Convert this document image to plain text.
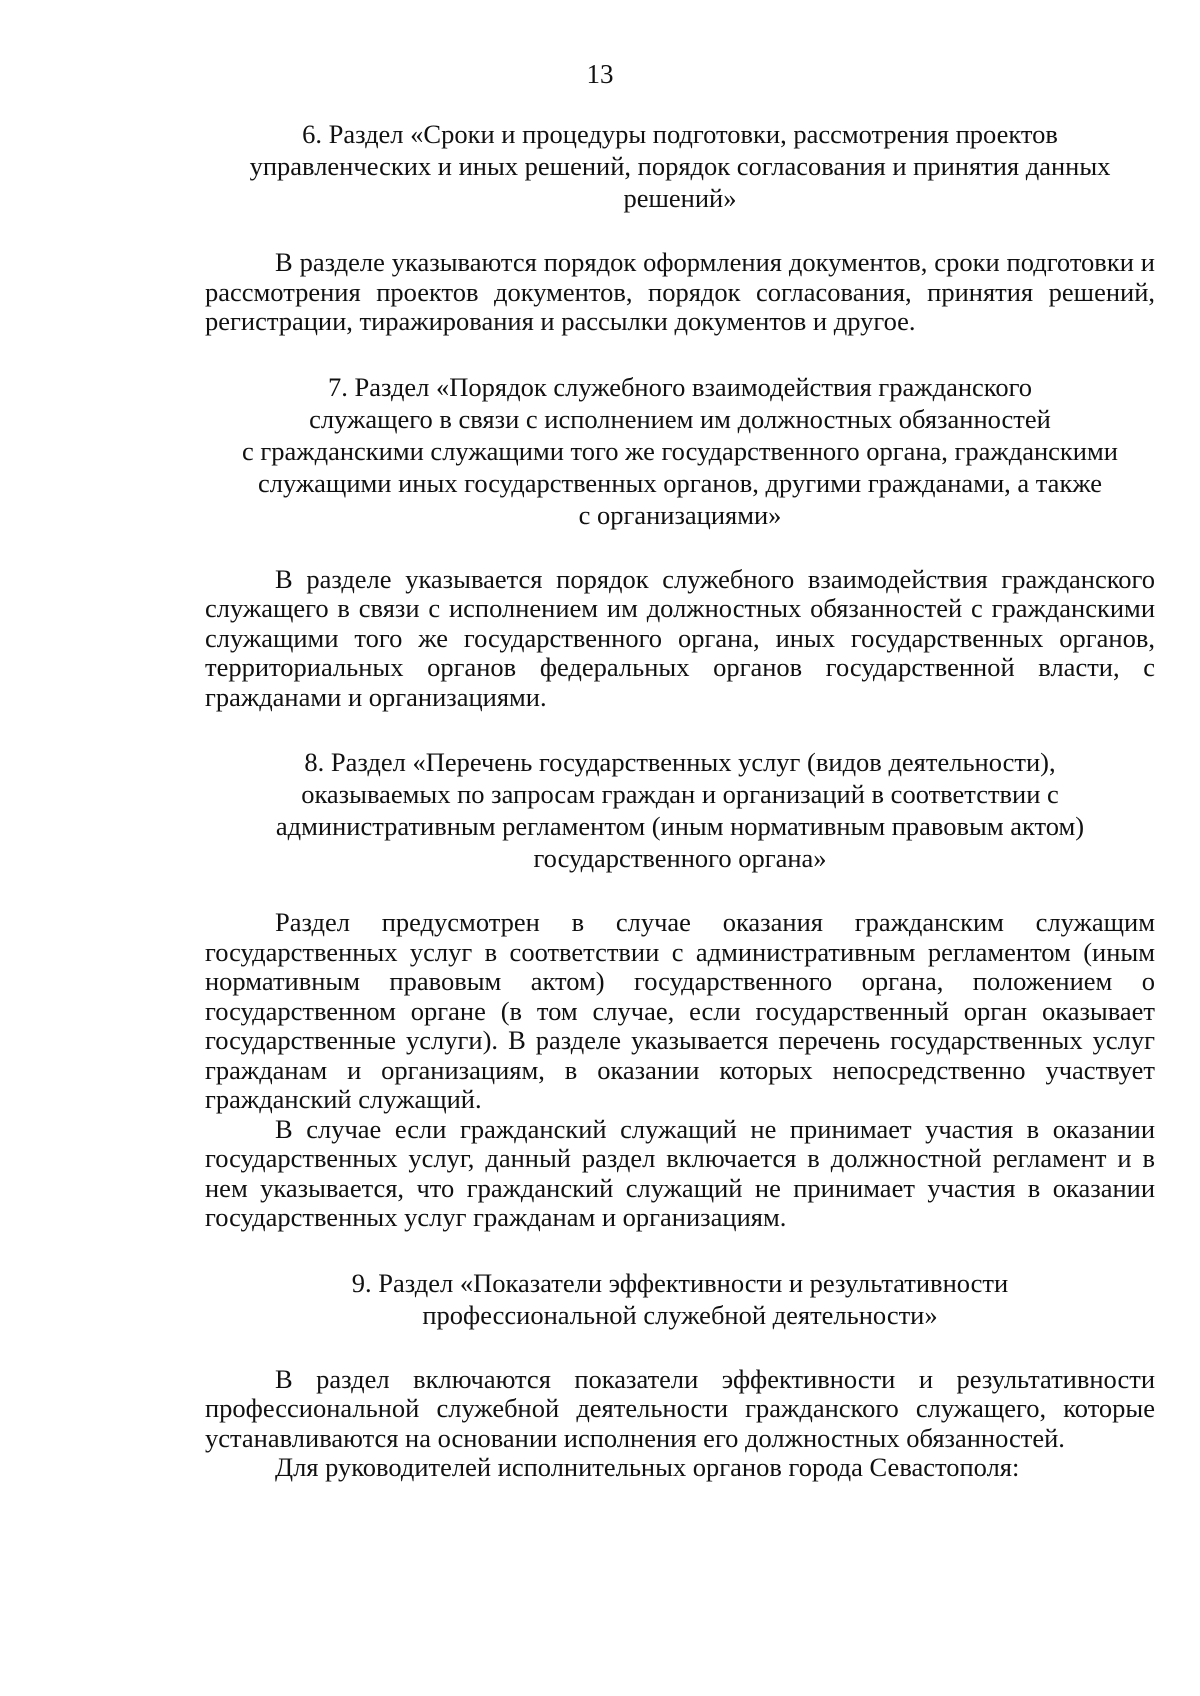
13
6. Раздел «Сроки и процедуры подготовки, рассмотрения проектов
управленческих и иных решений, порядок согласования и принятия данных
решений»

В разделе указываются порядок оформления документов, сроки подготовки и рассмотрения проектов документов, порядок согласования, принятия решений, регистрации, тиражирования и рассылки документов и другое.

7. Раздел «Порядок служебного взаимодействия гражданского
служащего в связи с исполнением им должностных обязанностей
с гражданскими служащими того же государственного органа, гражданскими
служащими иных государственных органов, другими гражданами, а также
с организациями»

В разделе указывается порядок служебного взаимодействия гражданского служащего в связи с исполнением им должностных обязанностей с гражданскими служащими того же государственного органа, иных государственных органов, территориальных органов федеральных органов государственной власти, с гражданами и организациями.

8. Раздел «Перечень государственных услуг (видов деятельности),
оказываемых по запросам граждан и организаций в соответствии с
административным регламентом (иным нормативным правовым актом)
государственного органа»

Раздел предусмотрен в случае оказания гражданским служащим государственных услуг в соответствии с административным регламентом (иным нормативным правовым актом) государственного органа, положением о государственном органе (в том случае, если государственный орган оказывает государственные услуги). В разделе указывается перечень государственных услуг гражданам и организациям, в оказании которых непосредственно участвует гражданский служащий.

В случае если гражданский служащий не принимает участия в оказании государственных услуг, данный раздел включается в должностной регламент и в нем указывается, что гражданский служащий не принимает участия в оказании государственных услуг гражданам и организациям.

9. Раздел «Показатели эффективности и результативности
профессиональной служебной деятельности»

В раздел включаются показатели эффективности и результативности профессиональной служебной деятельности гражданского служащего, которые устанавливаются на основании исполнения его должностных обязанностей.

Для руководителей исполнительных органов города Севастополя:
